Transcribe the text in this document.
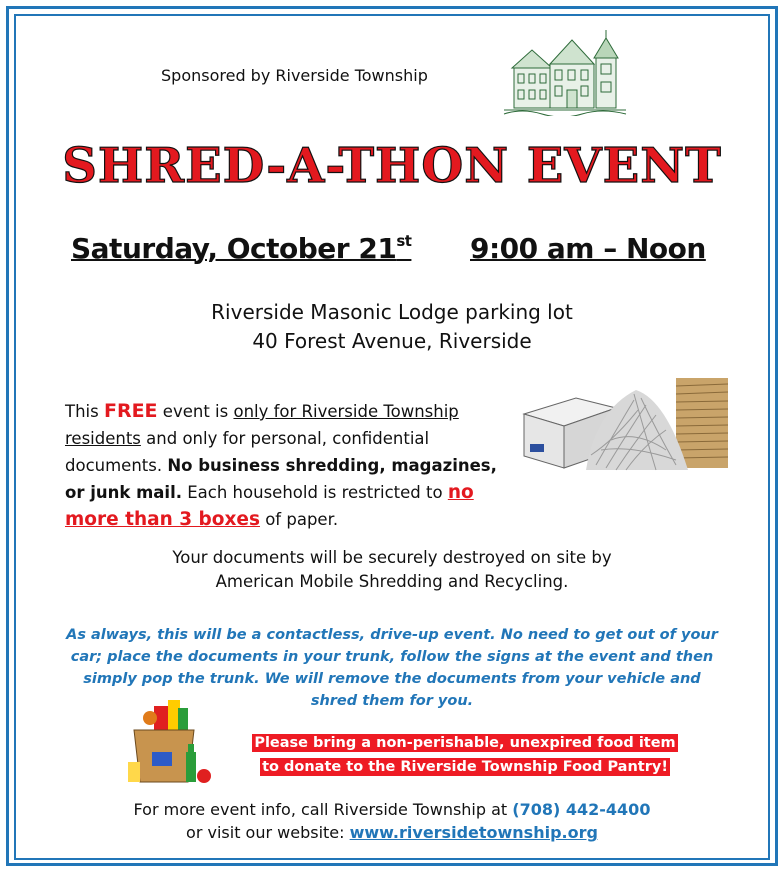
Sponsored by Riverside Township
SHRED-A-THON EVENT
Saturday, October 21st 9:00 am – Noon
Riverside Masonic Lodge parking lot
40 Forest Avenue, Riverside
This FREE event is only for Riverside Township residents and only for personal, confidential documents. No business shredding, magazines, or junk mail. Each household is restricted to no more than 3 boxes of paper.
Your documents will be securely destroyed on site by
American Mobile Shredding and Recycling.
As always, this will be a contactless, drive-up event. No need to get out of your car; place the documents in your trunk, follow the signs at the event and then simply pop the trunk. We will remove the documents from your vehicle and shred them for you.
Please bring a non-perishable, unexpired food item
to donate to the Riverside Township Food Pantry!
For more event info, call Riverside Township at (708) 442-4400
or visit our website: www.riversidetownship.org
